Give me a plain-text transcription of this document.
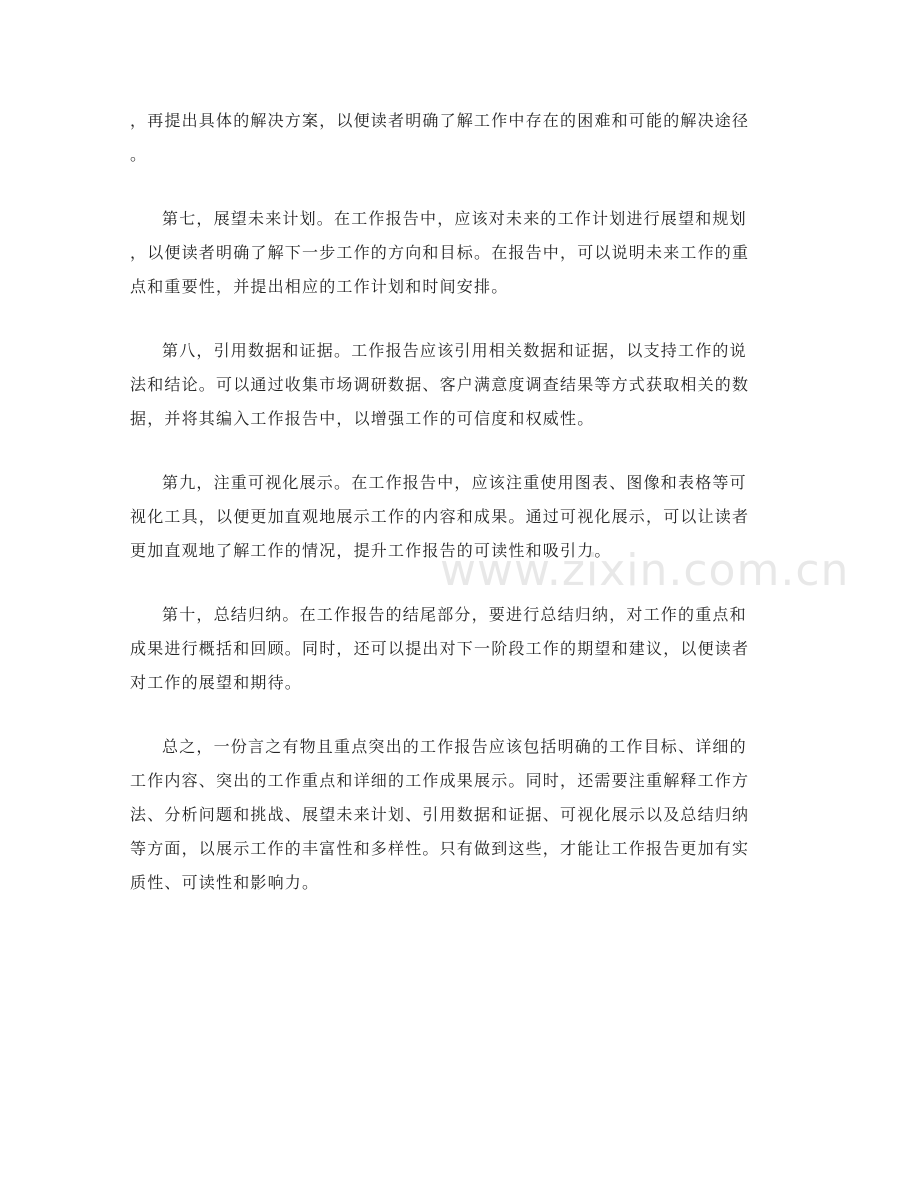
，再提出具体的解决方案，以便读者明确了解工作中存在的困难和可能的解决途径
。

第七，展望未来计划。在工作报告中，应该对未来的工作计划进行展望和规划
，以便读者明确了解下一步工作的方向和目标。在报告中，可以说明未来工作的重
点和重要性，并提出相应的工作计划和时间安排。

第八，引用数据和证据。工作报告应该引用相关数据和证据，以支持工作的说
法和结论。可以通过收集市场调研数据、客户满意度调查结果等方式获取相关的数
据，并将其编入工作报告中，以增强工作的可信度和权威性。

第九，注重可视化展示。在工作报告中，应该注重使用图表、图像和表格等可
视化工具，以便更加直观地展示工作的内容和成果。通过可视化展示，可以让读者
更加直观地了解工作的情况，提升工作报告的可读性和吸引力。

第十，总结归纳。在工作报告的结尾部分，要进行总结归纳，对工作的重点和
成果进行概括和回顾。同时，还可以提出对下一阶段工作的期望和建议，以便读者
对工作的展望和期待。

总之，一份言之有物且重点突出的工作报告应该包括明确的工作目标、详细的
工作内容、突出的工作重点和详细的工作成果展示。同时，还需要注重解释工作方
法、分析问题和挑战、展望未来计划、引用数据和证据、可视化展示以及总结归纳
等方面，以展示工作的丰富性和多样性。只有做到这些，才能让工作报告更加有实
质性、可读性和影响力。

www.zixin.com.cn
